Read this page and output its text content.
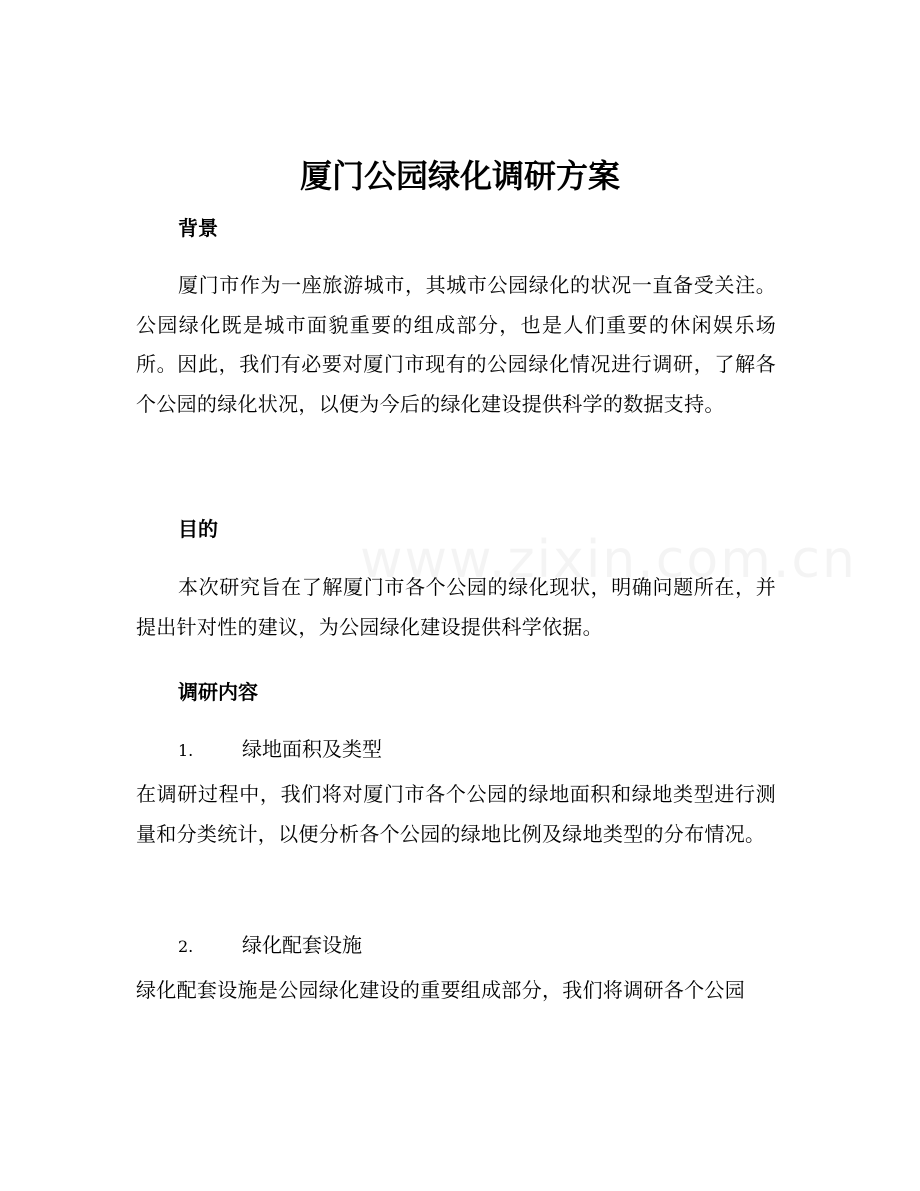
厦门公园绿化调研方案
背景
厦门市作为一座旅游城市，其城市公园绿化的状况一直备受关注。公园绿化既是城市面貌重要的组成部分，也是人们重要的休闲娱乐场所。因此，我们有必要对厦门市现有的公园绿化情况进行调研，了解各个公园的绿化状况，以便为今后的绿化建设提供科学的数据支持。
目的
本次研究旨在了解厦门市各个公园的绿化现状，明确问题所在，并提出针对性的建议，为公园绿化建设提供科学依据。
调研内容
1. 绿地面积及类型
在调研过程中，我们将对厦门市各个公园的绿地面积和绿地类型进行测量和分类统计，以便分析各个公园的绿地比例及绿地类型的分布情况。
2. 绿化配套设施
绿化配套设施是公园绿化建设的重要组成部分，我们将调研各个公园
